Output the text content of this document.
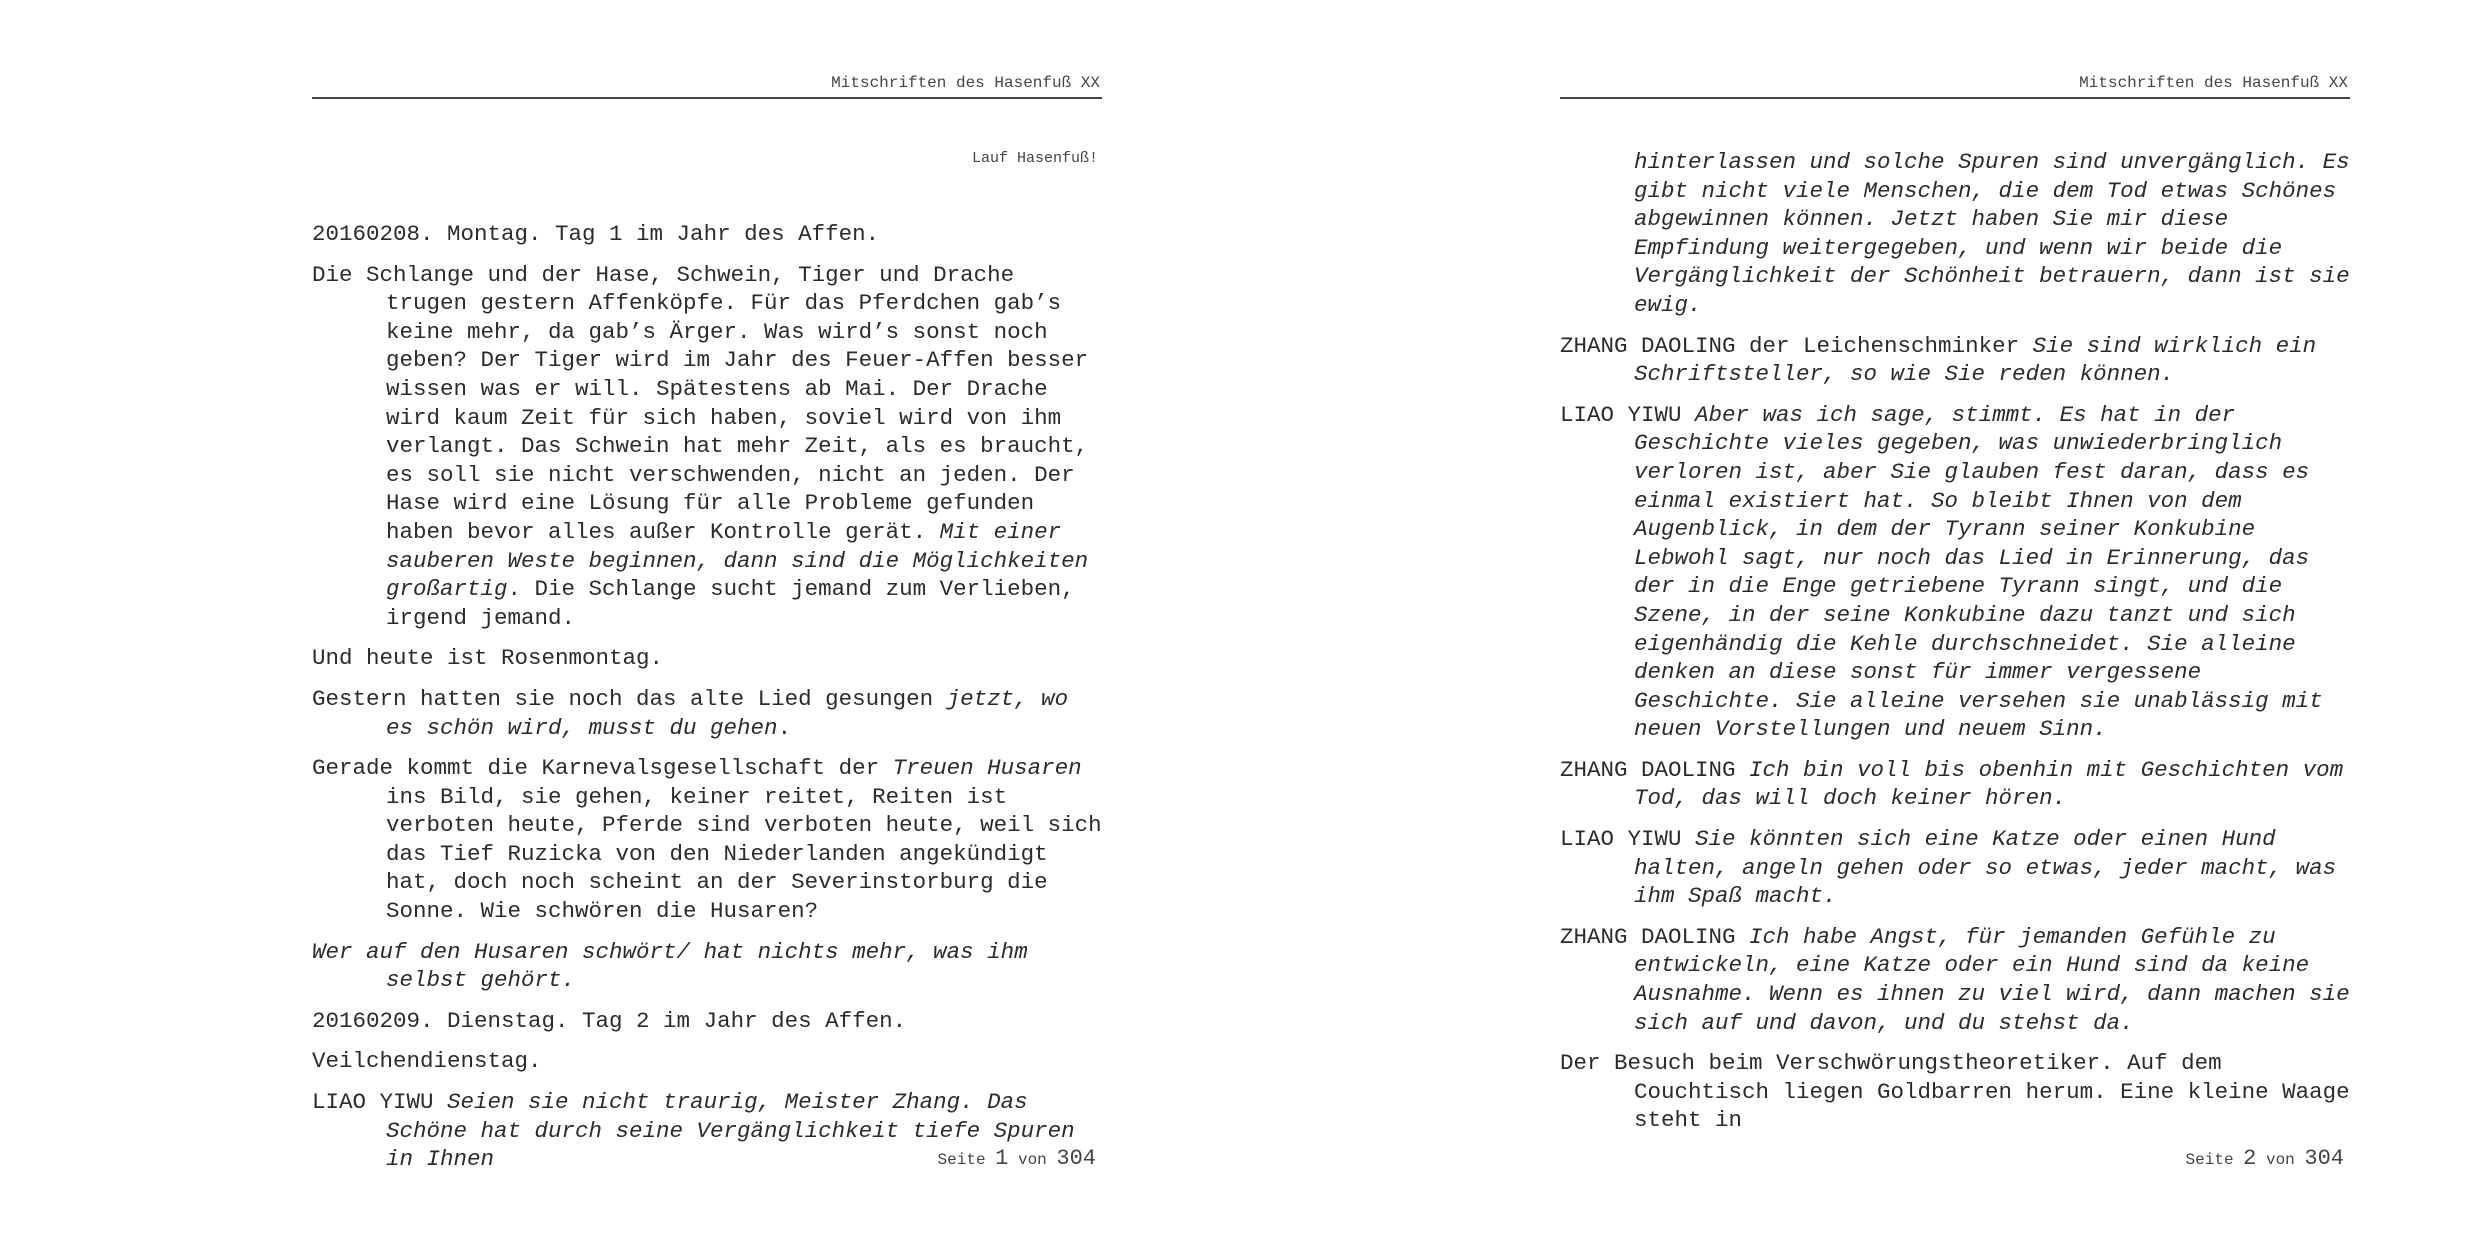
Mitschriften des Hasenfuß XX
Lauf Hasenfuß!

20160208. Montag. Tag 1 im Jahr des Affen.

Die Schlange und der Hase, Schwein, Tiger und Drache trugen gestern Affenköpfe. Für das Pferdchen gab’s keine mehr, da gab’s Ärger. Was wird’s sonst noch geben? Der Tiger wird im Jahr des Feuer-Affen besser wissen was er will. Spätestens ab Mai. Der Drache wird kaum Zeit für sich haben, soviel wird von ihm verlangt. Das Schwein hat mehr Zeit, als es braucht, es soll sie nicht verschwenden, nicht an jeden. Der Hase wird eine Lösung für alle Probleme gefunden haben bevor alles außer Kontrolle gerät. Mit einer sauberen Weste beginnen, dann sind die Möglichkeiten großartig. Die Schlange sucht jemand zum Verlieben, irgend jemand.

Und heute ist Rosenmontag.

Gestern hatten sie noch das alte Lied gesungen jetzt, wo es schön wird, musst du gehen.

Gerade kommt die Karnevalsgesellschaft der Treuen Husaren ins Bild, sie gehen, keiner reitet, Reiten ist verboten heute, Pferde sind verboten heute, weil sich das Tief Ruzicka von den Niederlanden angekündigt hat, doch noch scheint an der Severinstorburg die Sonne. Wie schwören die Husaren?

Wer auf den Husaren schwört/ hat nichts mehr, was ihm selbst gehört.

20160209. Dienstag. Tag 2 im Jahr des Affen.

Veilchendienstag.

LIAO YIWU Seien sie nicht traurig, Meister Zhang. Das Schöne hat durch seine Vergänglichkeit tiefe Spuren in Ihnen	Seite 1 von 304
Mitschriften des Hasenfuß XX

hinterlassen und solche Spuren sind unvergänglich. Es gibt nicht viele Menschen, die dem Tod etwas Schönes abgewinnen können. Jetzt haben Sie mir diese Empfindung weitergegeben, und wenn wir beide die Vergänglichkeit der Schönheit betrauern, dann ist sie ewig.

ZHANG DAOLING der Leichenschminker Sie sind wirklich ein Schriftsteller, so wie Sie reden können.

LIAO YIWU Aber was ich sage, stimmt. Es hat in der Geschichte vieles gegeben, was unwiederbringlich verloren ist, aber Sie glauben fest daran, dass es einmal existiert hat. So bleibt Ihnen von dem Augenblick, in dem der Tyrann seiner Konkubine Lebwohl sagt, nur noch das Lied in Erinnerung, das der in die Enge getriebene Tyrann singt, und die Szene, in der seine Konkubine dazu tanzt und sich eigenhändig die Kehle durchschneidet. Sie alleine denken an diese sonst für immer vergessene Geschichte. Sie alleine versehen sie unablässig mit neuen Vorstellungen und neuem Sinn.

ZHANG DAOLING Ich bin voll bis obenhin mit Geschichten vom Tod, das will doch keiner hören.

LIAO YIWU Sie könnten sich eine Katze oder einen Hund halten, angeln gehen oder so etwas, jeder macht, was ihm Spaß macht.

ZHANG DAOLING Ich habe Angst, für jemanden Gefühle zu entwickeln, eine Katze oder ein Hund sind da keine Ausnahme. Wenn es ihnen zu viel wird, dann machen sie sich auf und davon, und du stehst da.

Der Besuch beim Verschwörungstheoretiker. Auf dem Couchtisch liegen Goldbarren herum. Eine kleine Waage steht in

Seite 2 von 304
